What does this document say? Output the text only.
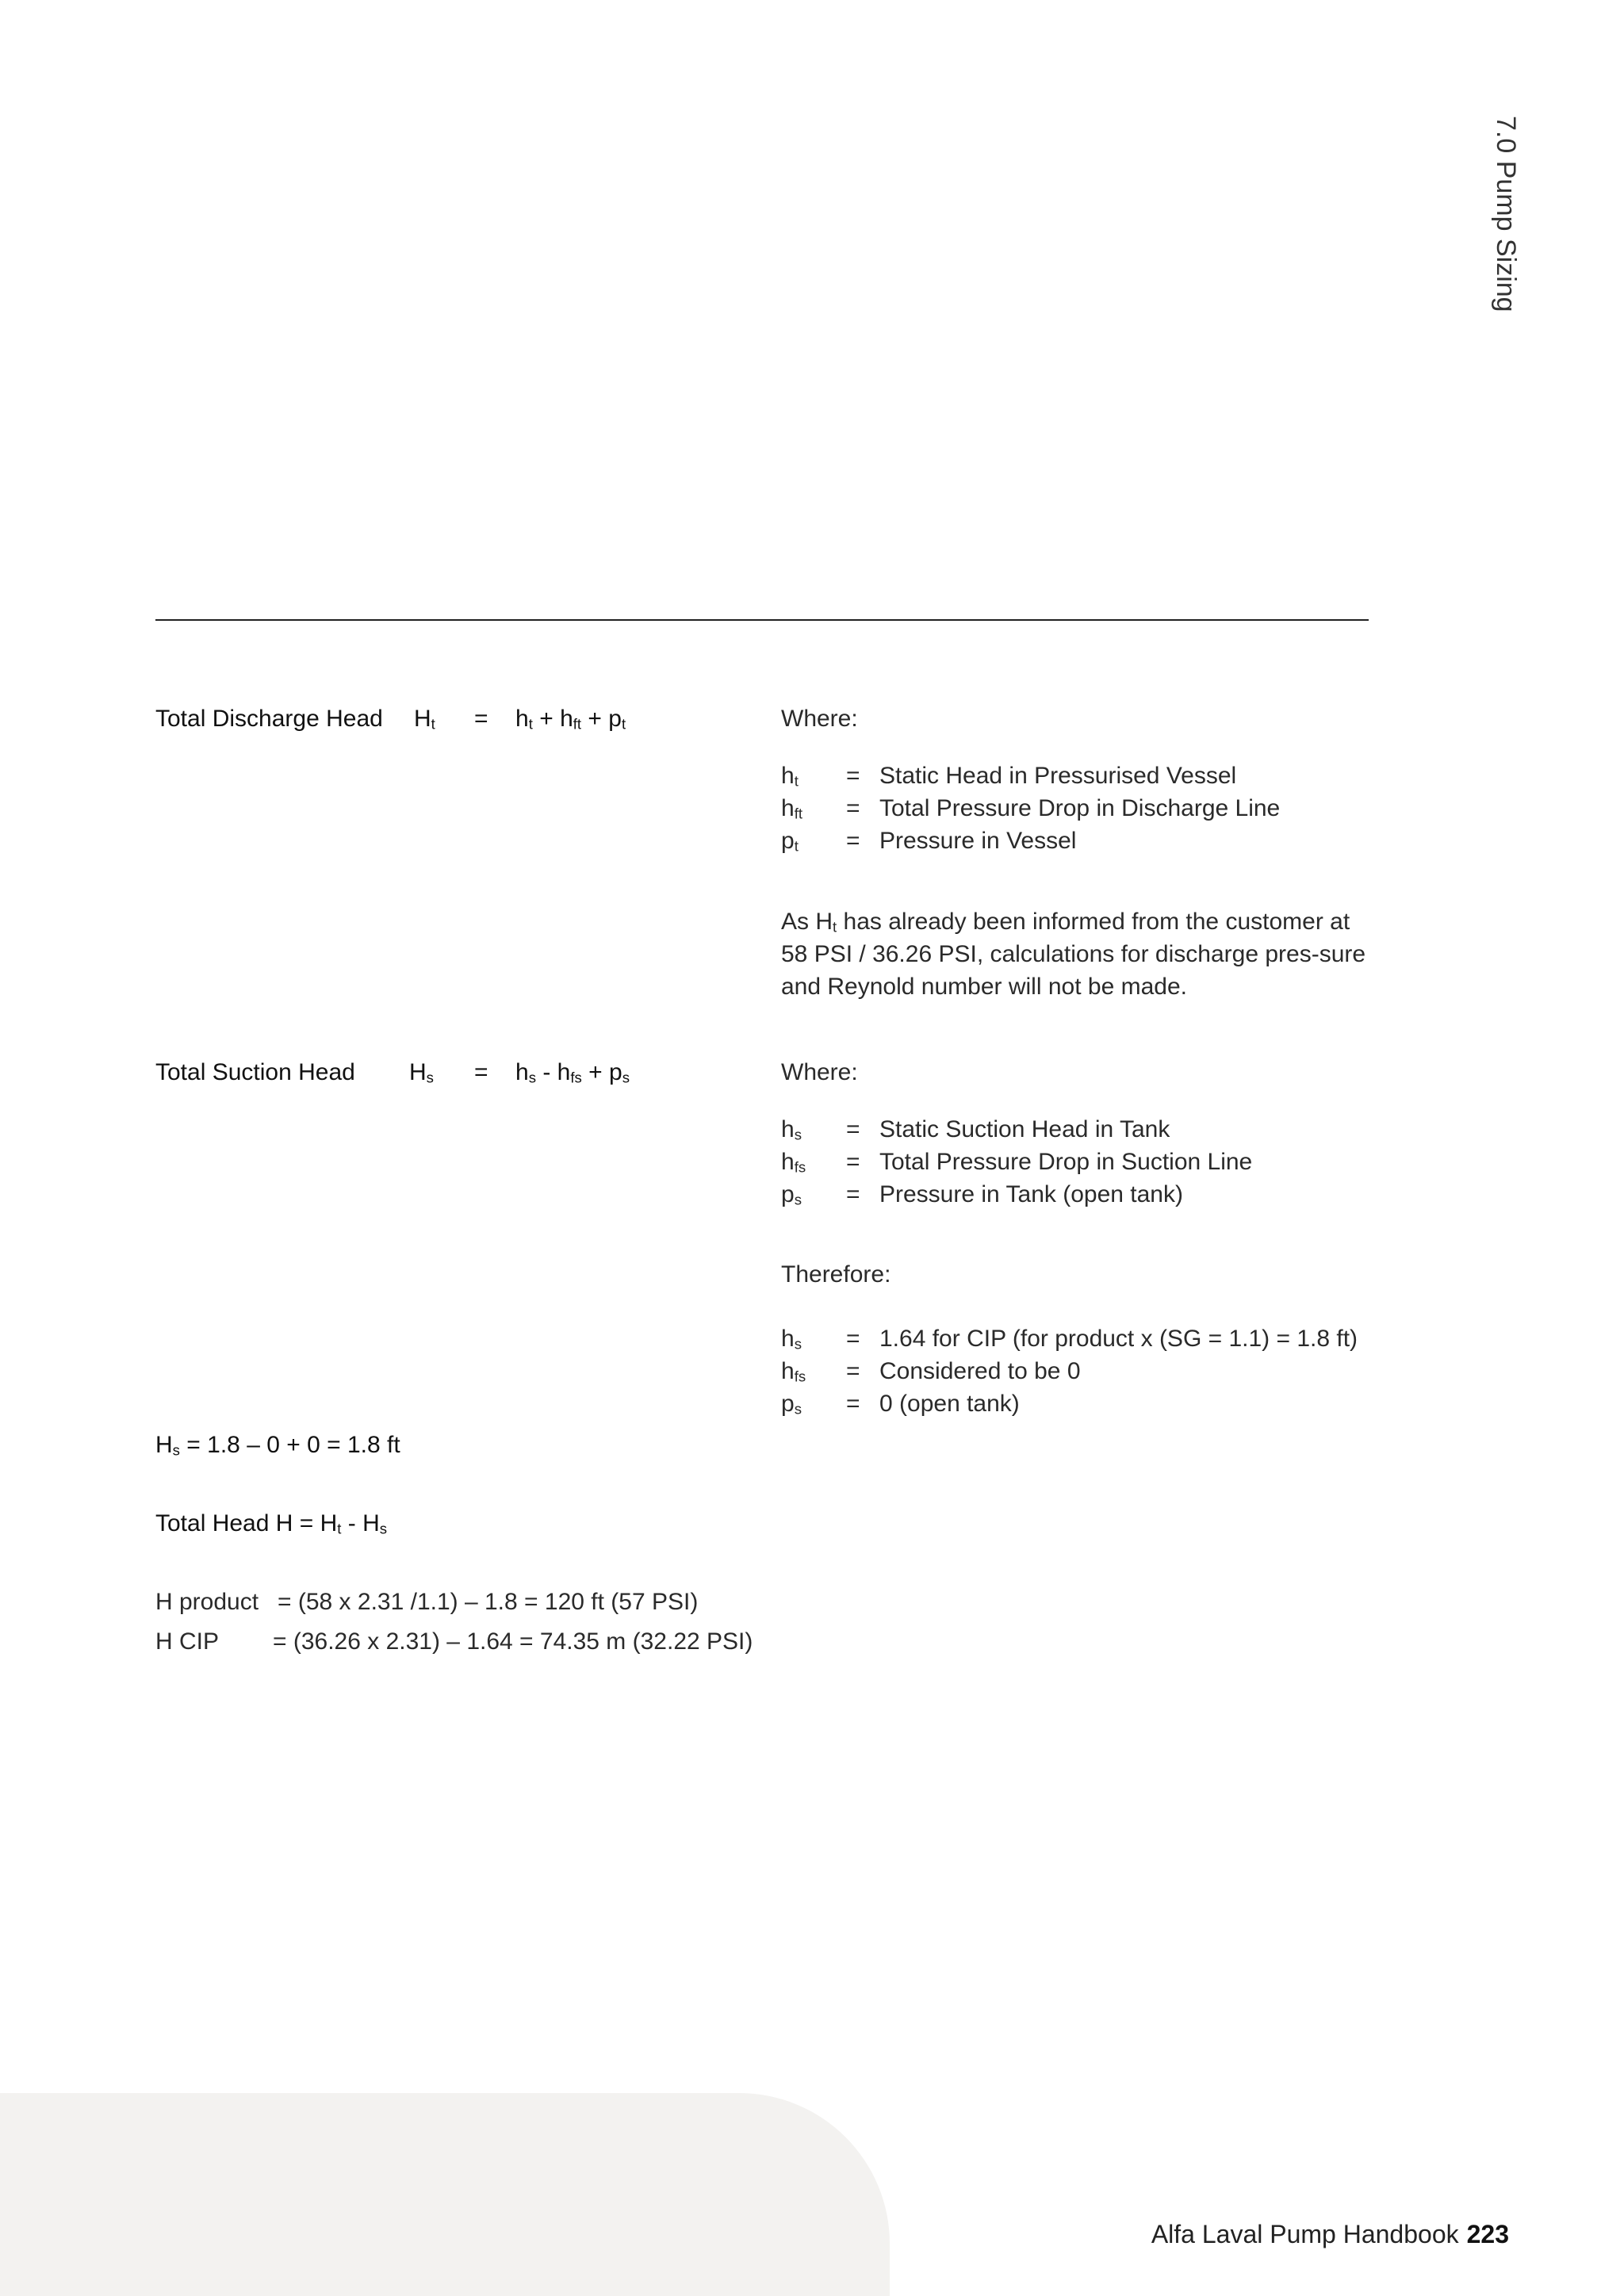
7.0 Pump Sizing
Total Discharge Head $H_t = h_t + h_{ft} + p_t$	Where:
$h_t$ = Static Head in Pressurised Vessel
$h_{ft}$ = Total Pressure Drop in Discharge Line
$p_t$ = Pressure in Vessel
As $H_t$ has already been informed from the customer at 58 PSI / 36.26 PSI, calculations for discharge pres-sure and Reynold number will not be made.
Total Suction Head $H_s = h_s - h_{fs} + p_s$	Where:
$h_s$ = Static Suction Head in Tank
$h_{fs}$ = Total Pressure Drop in Suction Line
$p_s$ = Pressure in Tank (open tank)
Therefore:
$h_s = 1.64$ for CIP (for product x (SG = 1.1) = 1.8 ft)
$h_{fs}$ = Considered to be 0
$p_s = 0$ (open tank)
$H_s = 1.8 - 0 + 0 = 1.8$ ft
Total Head $H = H_t - H_s$
H product = (58 x 2.31 /1.1) – 1.8 = 120 ft (57 PSI)
H CIP = (36.26 x 2.31) – 1.64 = 74.35 m (32.22 PSI)
Alfa Laval Pump Handbook 223
